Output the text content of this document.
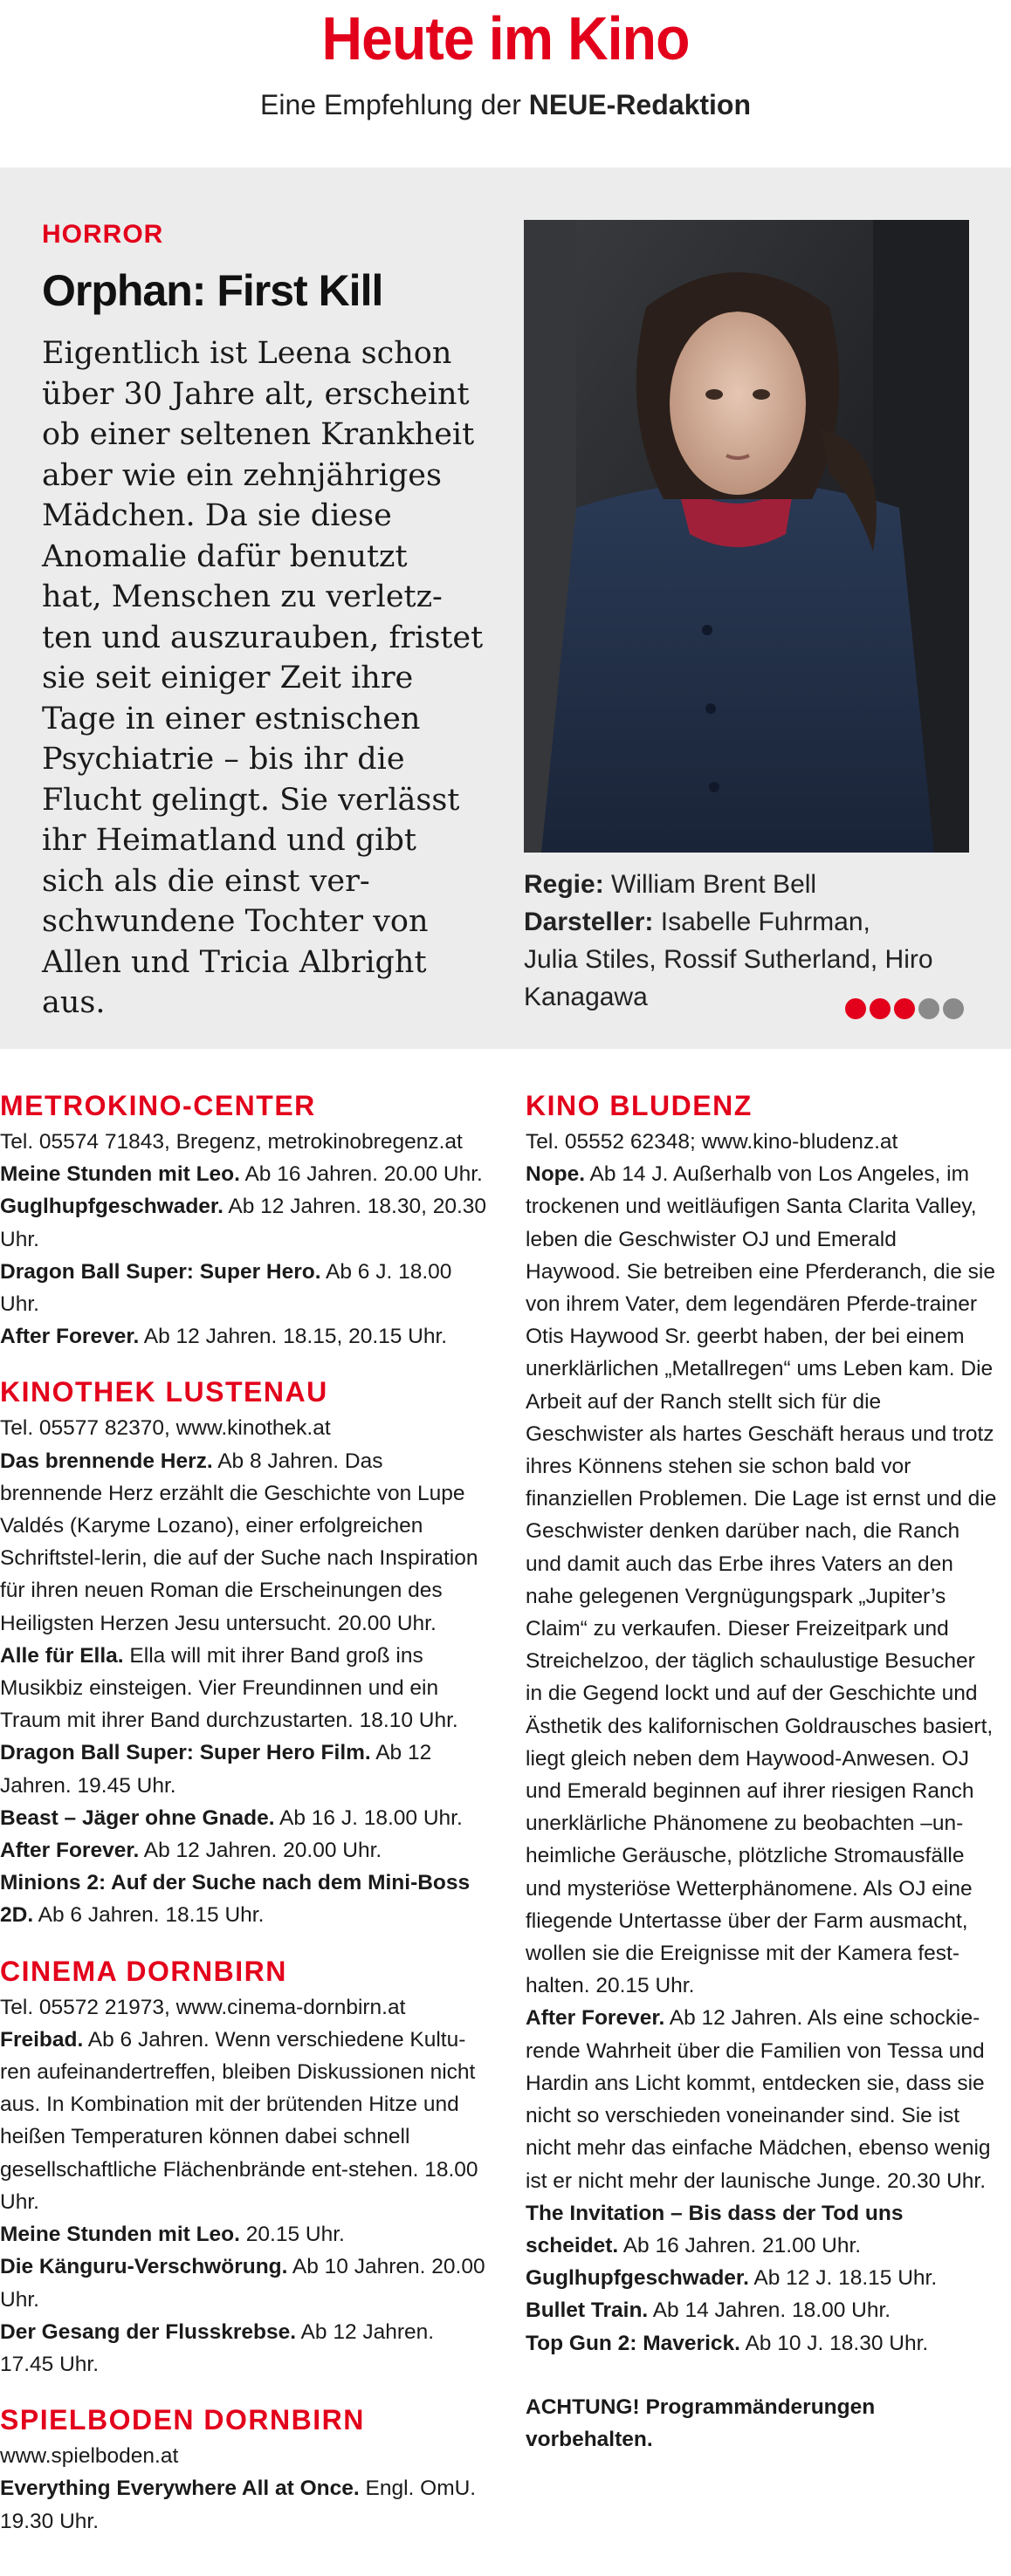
Heute im Kino
Eine Empfehlung der NEUE-Redaktion
HORROR
Orphan: First Kill
Eigentlich ist Leena schon
über 30 Jahre alt, erscheint
ob einer seltenen Krankheit
aber wie ein zehnjähriges
Mädchen. Da sie diese
Anomalie dafür benutzt
hat, Menschen zu verletz-
ten und auszurauben, fristet
sie seit einiger Zeit ihre
Tage in einer estnischen
Psychiatrie – bis ihr die
Flucht gelingt. Sie verlässt
ihr Heimatland und gibt
sich als die einst ver-
schwundene Tochter von
Allen und Tricia Albright
aus.
Regie: William Brent Bell
Darsteller: Isabelle Fuhrman,
Julia Stiles, Rossif Sutherland, Hiro
Kanagawa
METROKINO-CENTER
Tel. 05574 71843, Bregenz, metrokinobregenz.at
Meine Stunden mit Leo. Ab 16 Jahren. 20.00 Uhr.
Guglhupfgeschwader. Ab 12 Jahren. 18.30, 20.30 Uhr.
Dragon Ball Super: Super Hero. Ab 6 J. 18.00 Uhr.
After Forever. Ab 12 Jahren. 18.15, 20.15 Uhr.
KINOTHEK LUSTENAU
Tel. 05577 82370, www.kinothek.at
Das brennende Herz. Ab 8 Jahren. Das brennende Herz erzählt die Geschichte von Lupe Valdés (Karyme Lozano), einer erfolgreichen Schriftstel-lerin, die auf der Suche nach Inspiration für ihren neuen Roman die Erscheinungen des Heiligsten Herzen Jesu untersucht. 20.00 Uhr.
Alle für Ella. Ella will mit ihrer Band groß ins Musikbiz einsteigen. Vier Freundinnen und ein Traum mit ihrer Band durchzustarten. 18.10 Uhr.
Dragon Ball Super: Super Hero Film. Ab 12 Jahren. 19.45 Uhr.
Beast – Jäger ohne Gnade. Ab 16 J. 18.00 Uhr.
After Forever. Ab 12 Jahren. 20.00 Uhr.
Minions 2: Auf der Suche nach dem Mini-Boss 2D. Ab 6 Jahren. 18.15 Uhr.
CINEMA DORNBIRN
Tel. 05572 21973, www.cinema-dornbirn.at
Freibad. Ab 6 Jahren. Wenn verschiedene Kultu-ren aufeinandertreffen, bleiben Diskussionen nicht aus. In Kombination mit der brütenden Hitze und heißen Temperaturen können dabei schnell gesellschaftliche Flächenbrände ent-stehen. 18.00 Uhr.
Meine Stunden mit Leo. 20.15 Uhr.
Die Känguru-Verschwörung. Ab 10 Jahren. 20.00 Uhr.
Der Gesang der Flusskrebse. Ab 12 Jahren. 17.45 Uhr.
SPIELBODEN DORNBIRN
www.spielboden.at
Everything Everywhere All at Once. Engl. OmU. 19.30 Uhr.
KINO BLUDENZ
Tel. 05552 62348; www.kino-bludenz.at
Nope. Ab 14 J. Außerhalb von Los Angeles, im trockenen und weitläufigen Santa Clarita Valley, leben die Geschwister OJ und Emerald Haywood. Sie betreiben eine Pferderanch, die sie von ihrem Vater, dem legendären Pferde-trainer Otis Haywood Sr. geerbt haben, der bei einem unerklärlichen „Metallregen“ ums Leben kam. Die Arbeit auf der Ranch stellt sich für die Geschwister als hartes Geschäft heraus und trotz ihres Könnens stehen sie schon bald vor finanziellen Problemen. Die Lage ist ernst und die Geschwister denken darüber nach, die Ranch und damit auch das Erbe ihres Vaters an den nahe gelegenen Vergnügungspark „Jupiter’s Claim“ zu verkaufen. Dieser Freizeitpark und Streichelzoo, der täglich schaulustige Besucher in die Gegend lockt und auf der Geschichte und Ästhetik des kalifornischen Goldrausches basiert, liegt gleich neben dem Haywood-Anwesen. OJ und Emerald beginnen auf ihrer riesigen Ranch unerklärliche Phänomene zu beobachten –un-heimliche Geräusche, plötzliche Stromausfälle und mysteriöse Wetterphänomene. Als OJ eine fliegende Untertasse über der Farm ausmacht, wollen sie die Ereignisse mit der Kamera fest-halten. 20.15 Uhr.
After Forever. Ab 12 Jahren. Als eine schockie-rende Wahrheit über die Familien von Tessa und Hardin ans Licht kommt, entdecken sie, dass sie nicht so verschieden voneinander sind. Sie ist nicht mehr das einfache Mädchen, ebenso wenig ist er nicht mehr der launische Junge. 20.30 Uhr.
The Invitation – Bis dass der Tod uns scheidet. Ab 16 Jahren. 21.00 Uhr.
Guglhupfgeschwader. Ab 12 J. 18.15 Uhr.
Bullet Train. Ab 14 Jahren. 18.00 Uhr.
Top Gun 2: Maverick. Ab 10 J. 18.30 Uhr.
ACHTUNG! Programmänderungen vorbehalten.
